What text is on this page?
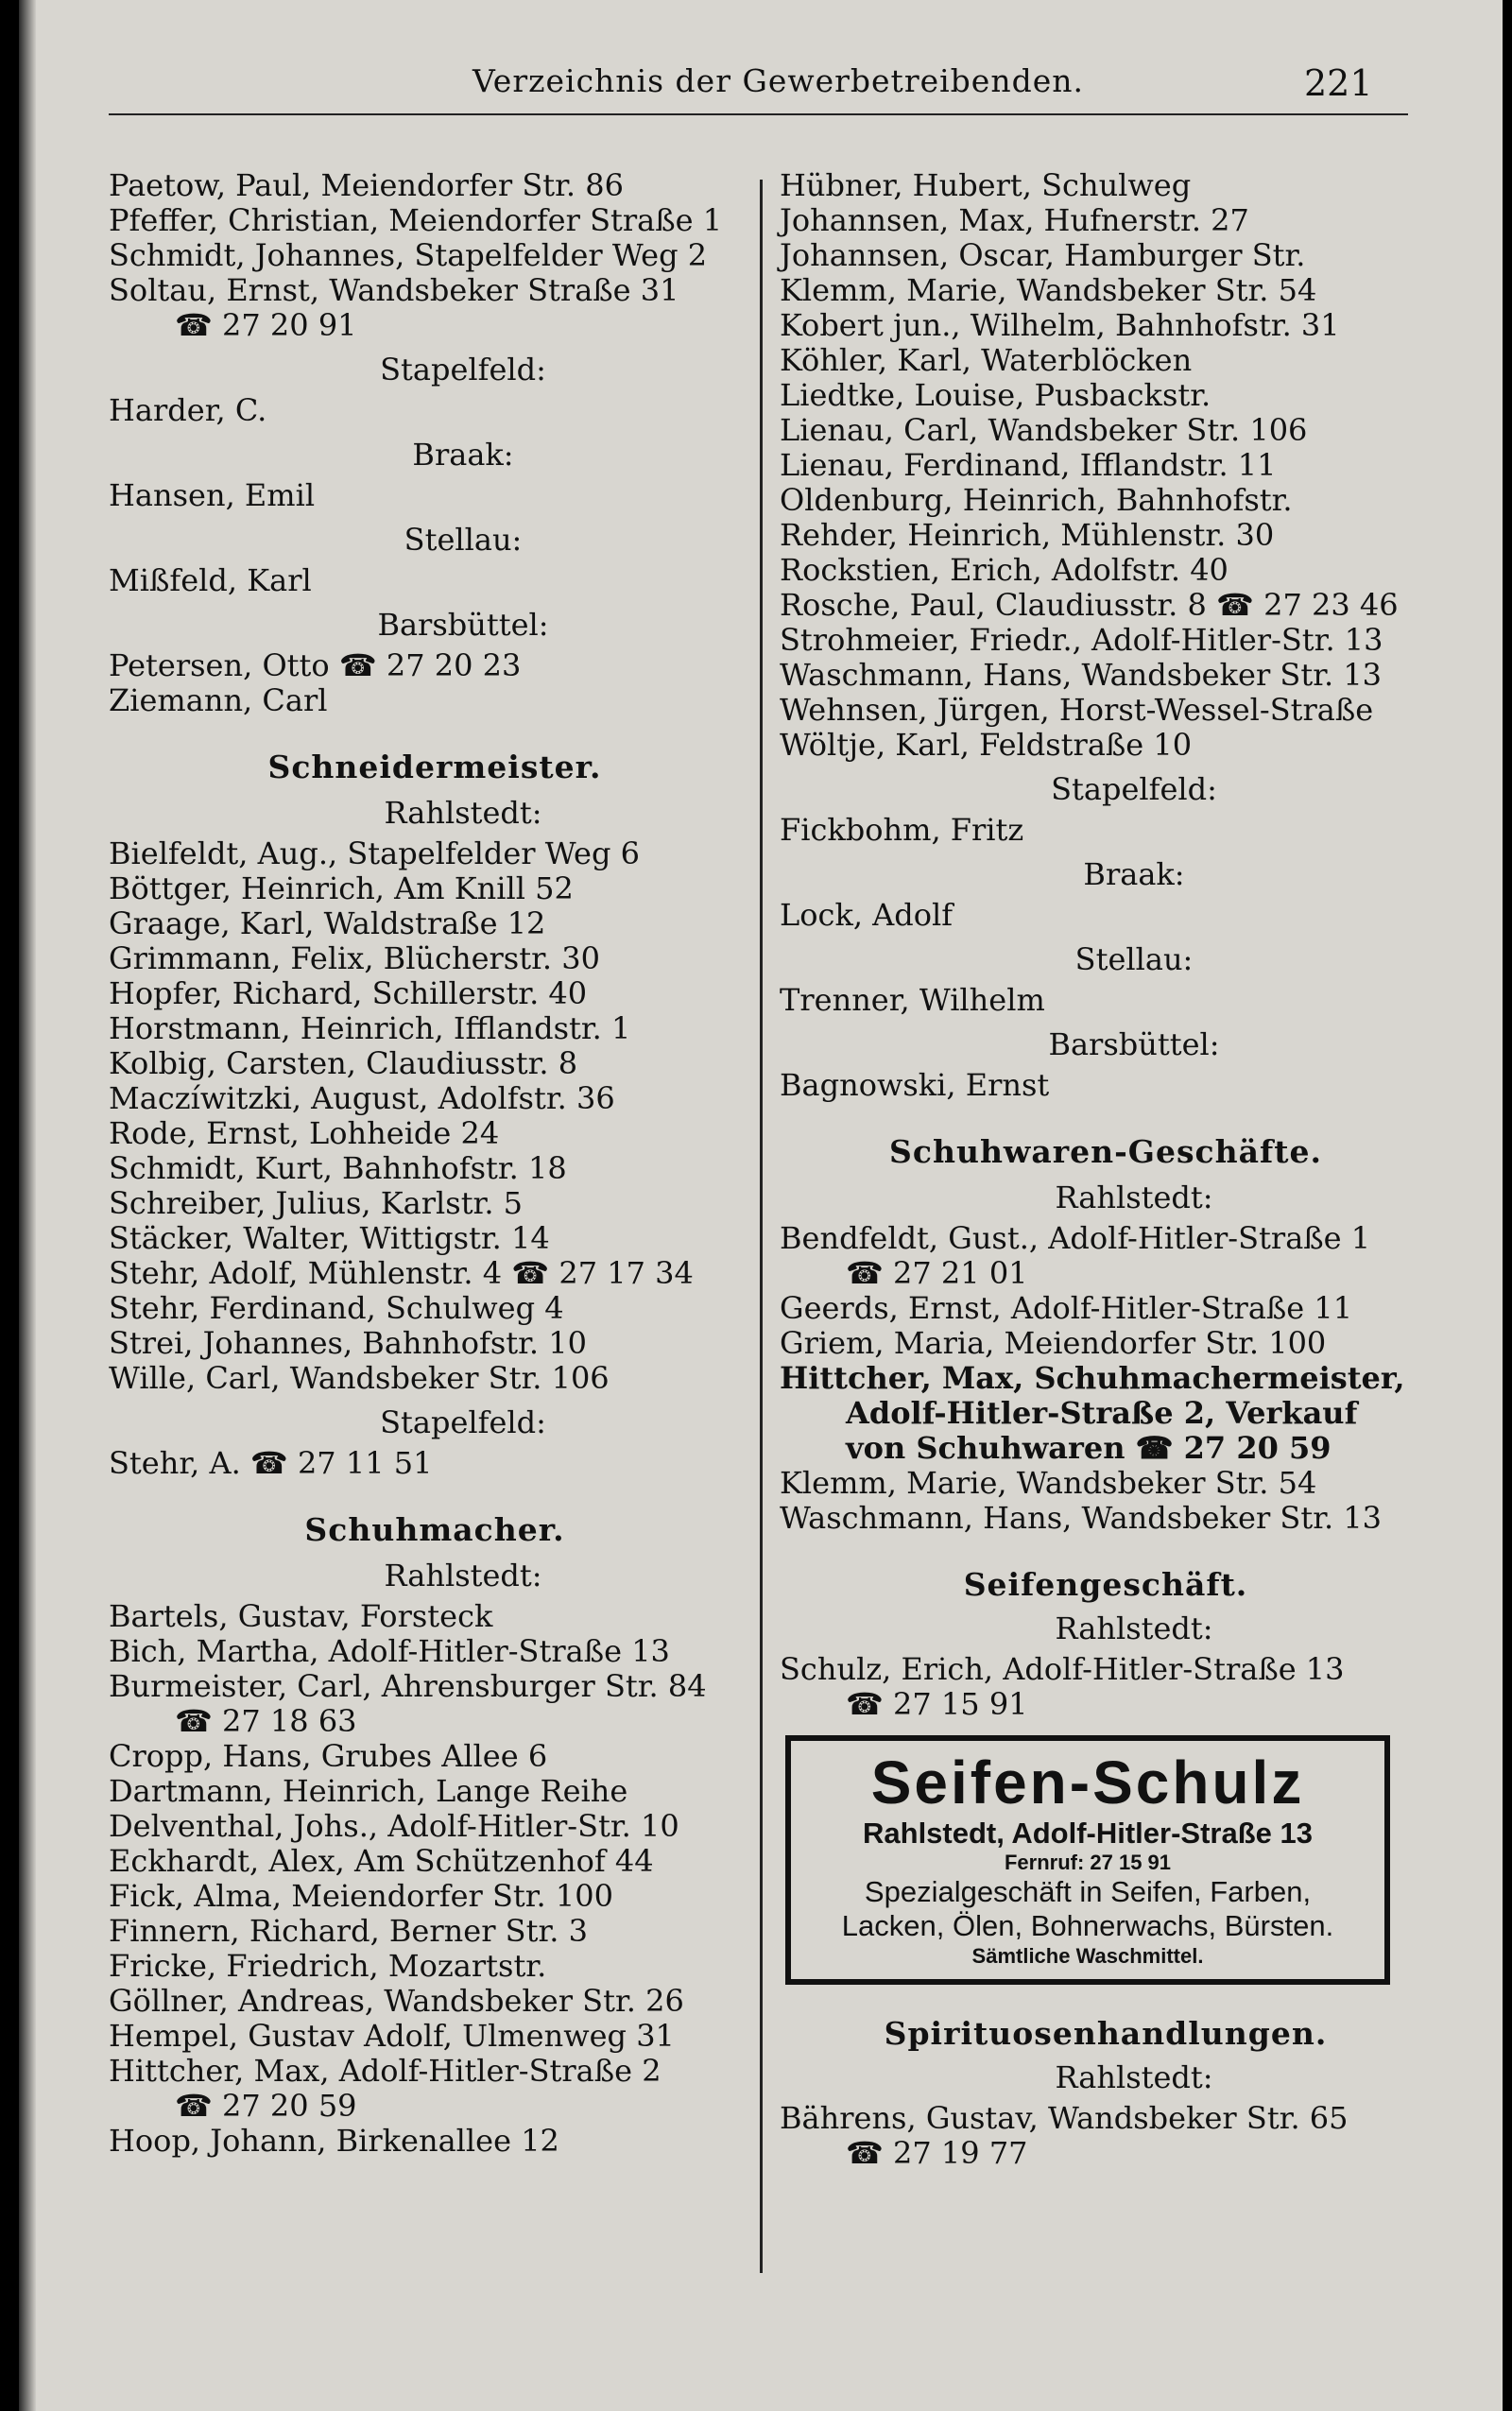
Verzeichnis der Gewerbetreibenden.	221
Paetow, Paul, Meiendorfer Str. 86
Pfeffer, Christian, Meiendorfer Straße 1
Schmidt, Johannes, Stapelfelder Weg 2
Soltau, Ernst, Wandsbeker Straße 31
☎ 27 20 91
Stapelfeld:
Harder, C.
Braak:
Hansen, Emil
Stellau:
Mißfeld, Karl
Barsbüttel:
Petersen, Otto ☎ 27 20 23
Ziemann, Carl
Schneidermeister.
Rahlstedt:
Bielfeldt, Aug., Stapelfelder Weg 6
Böttger, Heinrich, Am Knill 52
Graage, Karl, Waldstraße 12
Grimmann, Felix, Blücherstr. 30
Hopfer, Richard, Schillerstr. 40
Horstmann, Heinrich, Ifflandstr. 1
Kolbig, Carsten, Claudiusstr. 8
Maczíwitzki, August, Adolfstr. 36
Rode, Ernst, Lohheide 24
Schmidt, Kurt, Bahnhofstr. 18
Schreiber, Julius, Karlstr. 5
Stäcker, Walter, Wittigstr. 14
Stehr, Adolf, Mühlenstr. 4 ☎ 27 17 34
Stehr, Ferdinand, Schulweg 4
Strei, Johannes, Bahnhofstr. 10
Wille, Carl, Wandsbeker Str. 106
Stapelfeld:
Stehr, A. ☎ 27 11 51
Schuhmacher.
Rahlstedt:
Bartels, Gustav, Forsteck
Bich, Martha, Adolf-Hitler-Straße 13
Burmeister, Carl, Ahrensburger Str. 84
☎ 27 18 63
Cropp, Hans, Grubes Allee 6
Dartmann, Heinrich, Lange Reihe
Delventhal, Johs., Adolf-Hitler-Str. 10
Eckhardt, Alex, Am Schützenhof 44
Fick, Alma, Meiendorfer Str. 100
Finnern, Richard, Berner Str. 3
Fricke, Friedrich, Mozartstr.
Göllner, Andreas, Wandsbeker Str. 26
Hempel, Gustav Adolf, Ulmenweg 31
Hittcher, Max, Adolf-Hitler-Straße 2
☎ 27 20 59
Hoop, Johann, Birkenallee 12
Hübner, Hubert, Schulweg
Johannsen, Max, Hufnerstr. 27
Johannsen, Oscar, Hamburger Str.
Klemm, Marie, Wandsbeker Str. 54
Kobert jun., Wilhelm, Bahnhofstr. 31
Köhler, Karl, Waterblöcken
Liedtke, Louise, Pusbackstr.
Lienau, Carl, Wandsbeker Str. 106
Lienau, Ferdinand, Ifflandstr. 11
Oldenburg, Heinrich, Bahnhofstr.
Rehder, Heinrich, Mühlenstr. 30
Rockstien, Erich, Adolfstr. 40
Rosche, Paul, Claudiusstr. 8 ☎ 27 23 46
Strohmeier, Friedr., Adolf-Hitler-Str. 13
Waschmann, Hans, Wandsbeker Str. 13
Wehnsen, Jürgen, Horst-Wessel-Straße
Wöltje, Karl, Feldstraße 10
Stapelfeld:
Fickbohm, Fritz
Braak:
Lock, Adolf
Stellau:
Trenner, Wilhelm
Barsbüttel:
Bagnowski, Ernst
Schuhwaren-Geschäfte.
Rahlstedt:
Bendfeldt, Gust., Adolf-Hitler-Straße 1
☎ 27 21 01
Geerds, Ernst, Adolf-Hitler-Straße 11
Griem, Maria, Meiendorfer Str. 100
Hittcher, Max, Schuhmachermeister,
Adolf-Hitler-Straße 2, Verkauf
von Schuhwaren ☎ 27 20 59
Klemm, Marie, Wandsbeker Str. 54
Waschmann, Hans, Wandsbeker Str. 13
Seifengeschäft.
Rahlstedt:
Schulz, Erich, Adolf-Hitler-Straße 13
☎ 27 15 91
Seifen-Schulz
Rahlstedt, Adolf-Hitler-Straße 13
Fernruf: 27 15 91
Spezialgeschäft in Seifen, Farben,
Lacken, Ölen, Bohnerwachs, Bürsten.
Sämtliche Waschmittel.
Spirituosenhandlungen.
Rahlstedt:
Bährens, Gustav, Wandsbeker Str. 65
☎ 27 19 77
